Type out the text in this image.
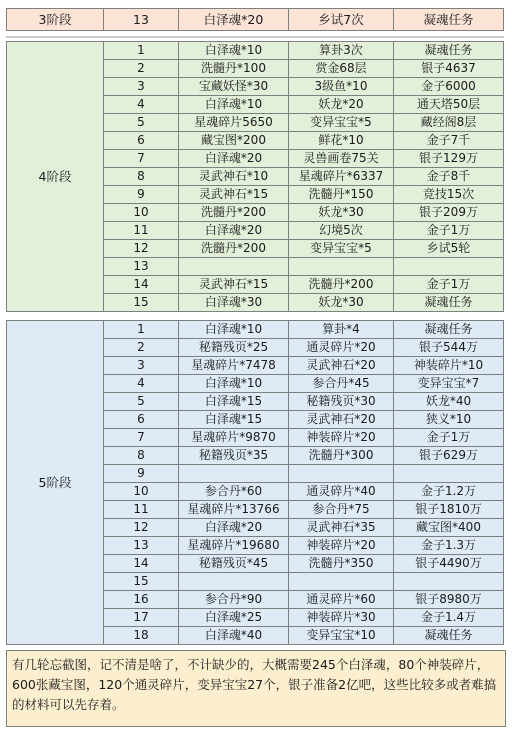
3阶段	13	白泽魂*20	乡试7次	凝魂任务
4阶段	1	白泽魂*10	算卦3次	凝魂任务
	2	洗髓丹*100	赏金68层	银子4637
	3	宝藏妖怪*30	3级鱼*10	金子6000
	4	白泽魂*10	妖龙*20	通天塔50层
	5	星魂碎片5650	变异宝宝*5	藏经阁8层
	6	藏宝图*200	鲜花*10	金子7千
	7	白泽魂*20	灵兽画卷75关	银子129万
	8	灵武神石*10	星魂碎片*6337	金子8千
	9	灵武神石*15	洗髓丹*150	竞技15次
	10	洗髓丹*200	妖龙*30	银子209万
	11	白泽魂*20	幻境5次	金子1万
	12	洗髓丹*200	变异宝宝*5	乡试5轮
	13			
	14	灵武神石*15	洗髓丹*200	金子1万
	15	白泽魂*30	妖龙*30	凝魂任务
5阶段	1	白泽魂*10	算卦*4	凝魂任务
	2	秘籍残页*25	通灵碎片*20	银子544万
	3	星魂碎片*7478	灵武神石*20	神装碎片*10
	4	白泽魂*10	参合丹*45	变异宝宝*7
	5	白泽魂*15	秘籍残页*30	妖龙*40
	6	白泽魂*15	灵武神石*20	狭义*10
	7	星魂碎片*9870	神装碎片*20	金子1万
	8	秘籍残页*35	洗髓丹*300	银子629万
	9			
	10	参合丹*60	通灵碎片*40	金子1.2万
	11	星魂碎片*13766	参合丹*75	银子1810万
	12	白泽魂*20	灵武神石*35	藏宝图*400
	13	星魂碎片*19680	神装碎片*20	金子1.3万
	14	秘籍残页*45	洗髓丹*350	银子4490万
	15			
	16	参合丹*90	通灵碎片*60	银子8980万
	17	白泽魂*25	神装碎片*30	金子1.4万
	18	白泽魂*40	变异宝宝*10	凝魂任务
有几轮忘截图，记不清是啥了，不计缺少的，大概需要245个白泽魂，80个神装碎片，600张藏宝图，120个通灵碎片，变异宝宝27个，银子准备2亿吧，这些比较多或者难搞的材料可以先存着。
